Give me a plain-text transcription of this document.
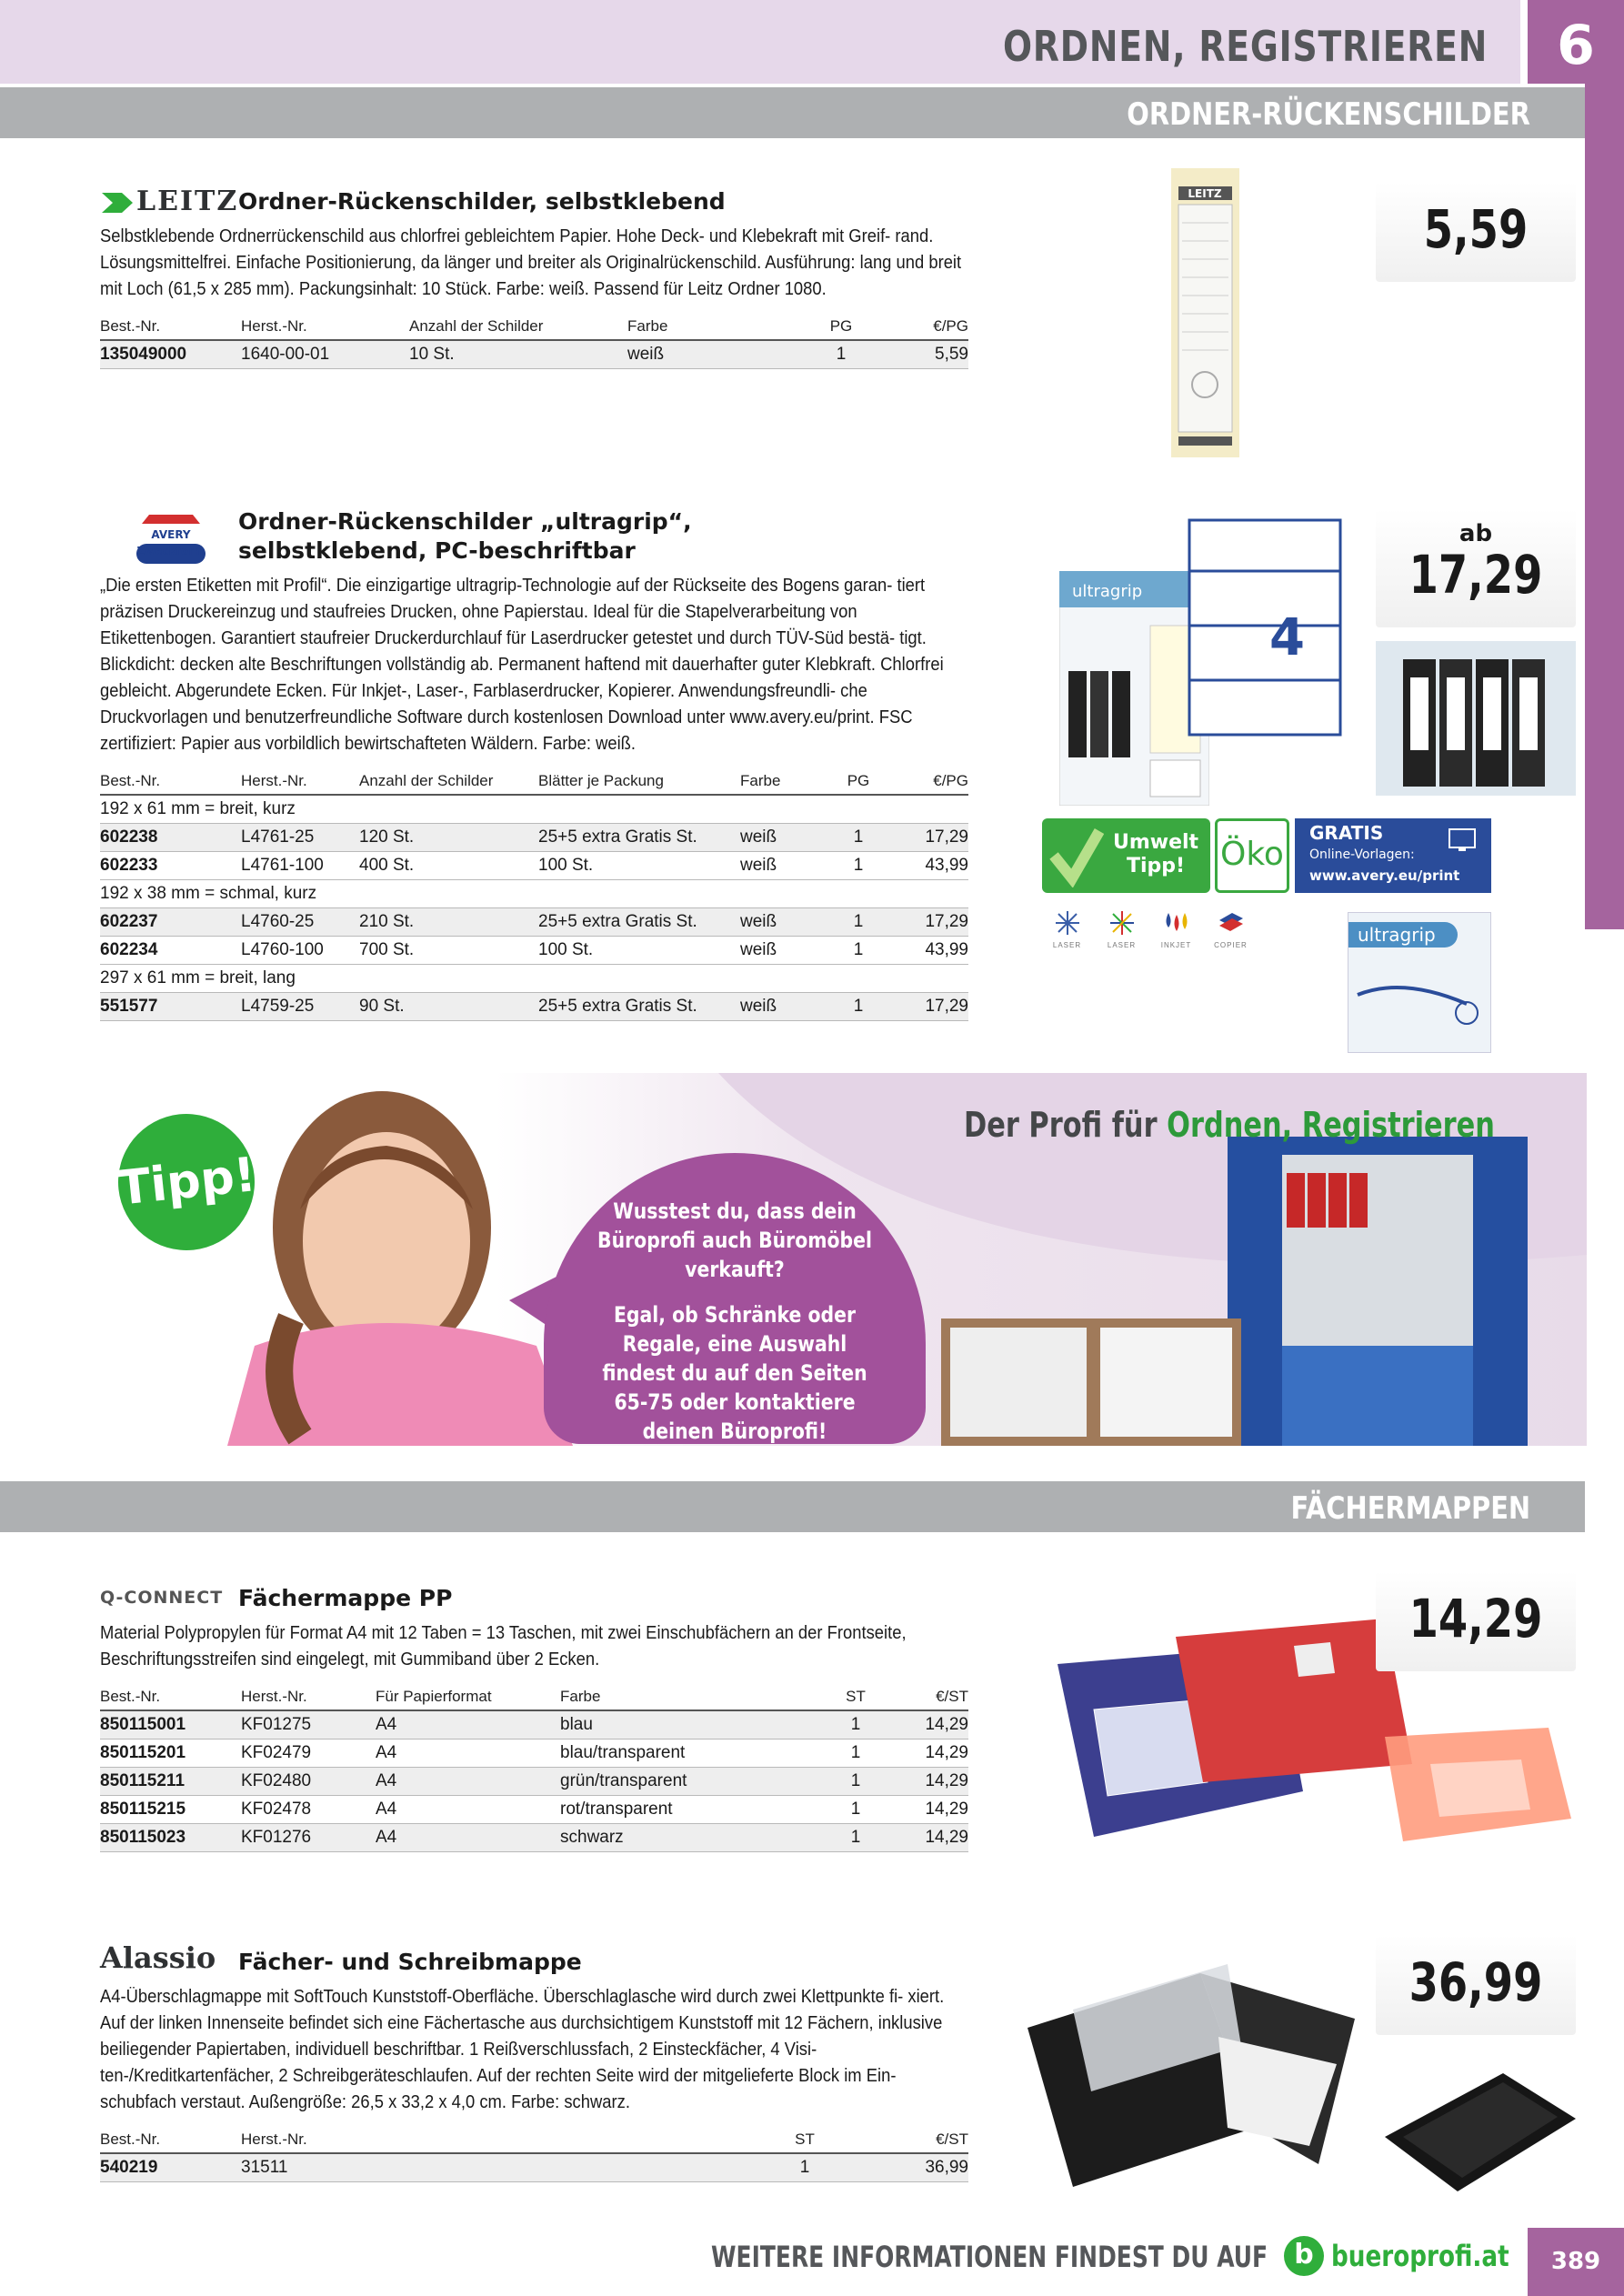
ORDNEN, REGISTRIEREN	6
ORDNER-RÜCKENSCHILDER
LEITZ Ordner-Rückenschilder, selbstklebend
Selbstklebende Ordnerrückenschild aus chlorfrei gebleichtem Papier. Hohe Deck- und Klebekraft mit Greif- rand. Lösungsmittelfrei. Einfache Positionierung, da länger und breiter als Originalrückenschild. Ausführung: lang und breit mit Loch (61,5 x 285 mm). Packungsinhalt: 10 Stück. Farbe: weiß. Passend für Leitz Ordner 1080.
Best.-Nr.	Herst.-Nr.	Anzahl der Schilder	Farbe	PG	€/PG
135049000	1640-00-01	10 St.	weiß	1	5,59
LEITZ
5,59
AVERY Zweckform
Ordner-Rückenschilder „ultragrip“, selbstklebend, PC-beschriftbar
„Die ersten Etiketten mit Profil“. Die einzigartige ultragrip-Technologie auf der Rückseite des Bogens garan- tiert präzisen Druckereinzug und staufreies Drucken, ohne Papierstau. Ideal für die Stapelverarbeitung von Etikettenbogen. Garantiert staufreier Druckerdurchlauf für Laserdrucker getestet und durch TÜV-Süd bestä- tigt. Blickdicht: decken alte Beschriftungen vollständig ab. Permanent haftend mit dauerhafter guter Klebkraft. Chlorfrei gebleicht. Abgerundete Ecken. Für Inkjet-, Laser-, Farblaserdrucker, Kopierer. Anwendungsfreundli- che Druckvorlagen und benutzerfreundliche Software durch kostenlosen Download unter www.avery.eu/print. FSC zertifiziert: Papier aus vorbildlich bewirtschafteten Wäldern. Farbe: weiß.
Best.-Nr.	Herst.-Nr.	Anzahl der Schilder	Blätter je Packung	Farbe	PG	€/PG
192 x 61 mm = breit, kurz						
602238	L4761-25	120 St.	25+5 extra Gratis St.	weiß	1	17,29
602233	L4761-100	400 St.	100 St.	weiß	1	43,99
192 x 38 mm = schmal, kurz						
602237	L4760-25	210 St.	25+5 extra Gratis St.	weiß	1	17,29
602234	L4760-100	700 St.	100 St.	weiß	1	43,99
297 x 61 mm = breit, lang						
551577	L4759-25	90 St.	25+5 extra Gratis St.	weiß	1	17,29
ultragrip
4
ab
17,29
Umwelt Tipp!	Öko
GRATIS
Online-Vorlagen:
www.avery.eu/print
LASER	LASER	INKJET	COPIER	ultragrip
Tipp!
Der Profi für Ordnen, Registrieren

Wusstest du, dass dein Büroprofi auch Büromöbel verkauft?

Egal, ob Schränke oder Regale, eine Auswahl findest du auf den Seiten 65-75 oder kontaktiere deinen Büroprofi!

FÄCHERMAPPEN
Q-CONNECT Fächermappe PP
Material Polypropylen für Format A4 mit 12 Taben = 13 Taschen, mit zwei Einschubfächern an der Frontseite, Beschriftungsstreifen sind eingelegt, mit Gummiband über 2 Ecken.
Best.-Nr.	Herst.-Nr.	Für Papierformat	Farbe	ST	€/ST
850115001	KF01275	A4	blau	1	14,29
850115201	KF02479	A4	blau/transparent	1	14,29
850115211	KF02480	A4	grün/transparent	1	14,29
850115215	KF02478	A4	rot/transparent	1	14,29
850115023	KF01276	A4	schwarz	1	14,29
14,29
Alassio Fächer- und Schreibmappe
A4-Überschlagmappe mit SoftTouch Kunststoff-Oberfläche. Überschlaglasche wird durch zwei Klettpunkte fi- xiert. Auf der linken Innenseite befindet sich eine Fächertasche aus durchsichtigem Kunststoff mit 12 Fächern, inklusive beiliegender Papiertaben, individuell beschriftbar. 1 Reißverschlussfach, 2 Einsteckfächer, 4 Visi- ten-/Kreditkartenfächer, 2 Schreibgeräteschlaufen. Auf der rechten Seite wird der mitgelieferte Block im Ein- schubfach verstaut. Außengröße: 26,5 x 33,2 x 4,0 cm. Farbe: schwarz.
Best.-Nr.	Herst.-Nr.	ST	€/ST
540219	31511	1	36,99
36,99
WEITERE INFORMATIONEN FINDEST DU AUF b bueroprofi.at	389
